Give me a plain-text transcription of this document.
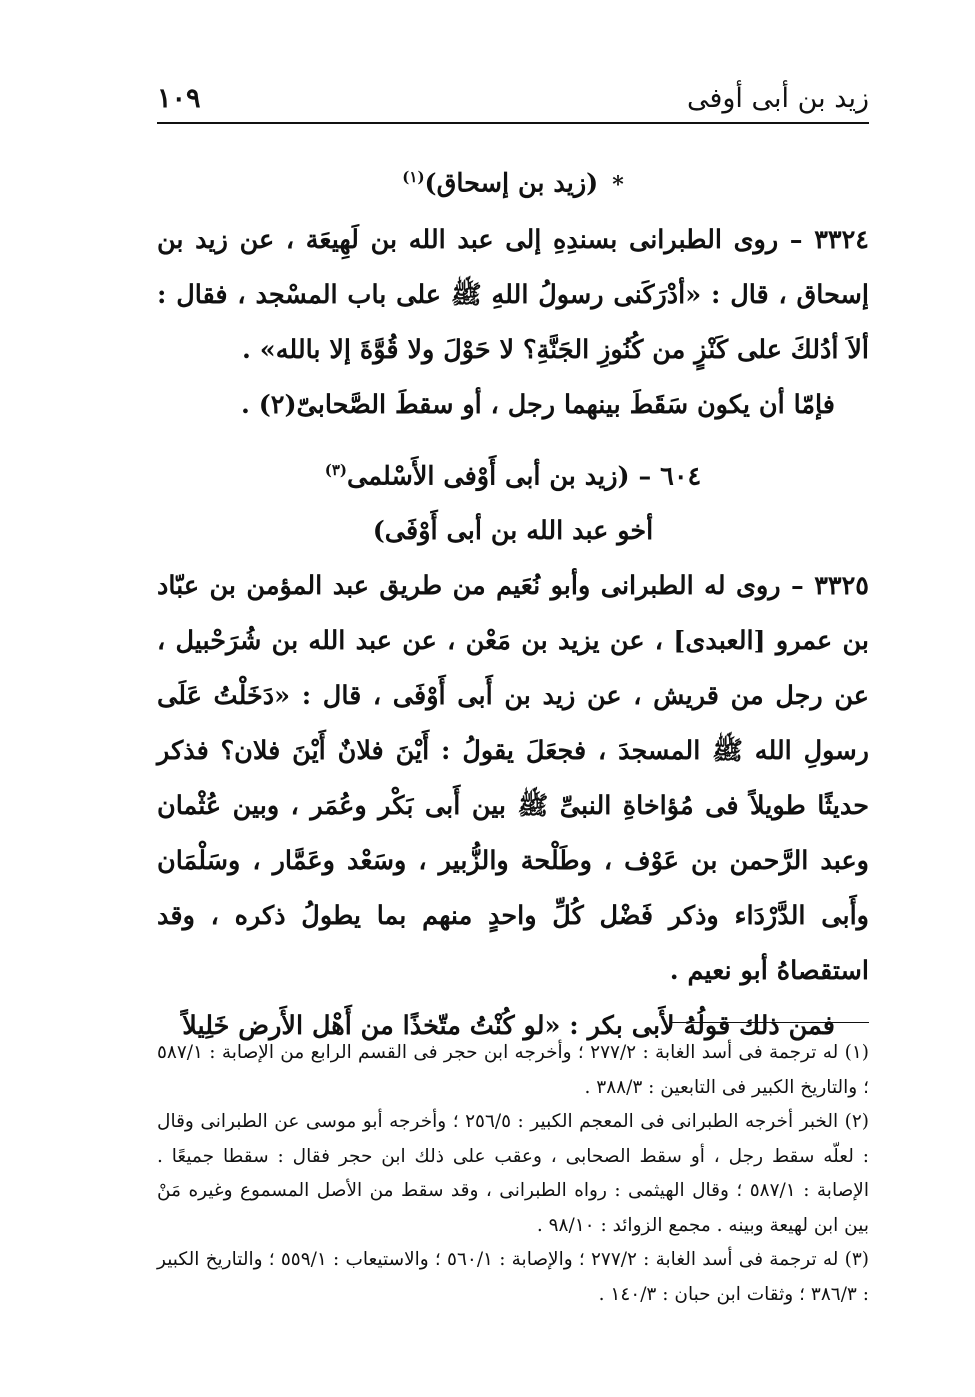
زيد بن أبى أوفى
١٠٩

*(زيد بن إسحاق)$^{(١)}$

٣٣٢٤ – روى الطبرانى بسندِهِ إلى عبد الله بن لَهِيعَة ، عن زيد بن إسحاق ، قال : «أدْرَكَنى رسولُ اللهِ ﷺ على باب المسْجد ، فقال : ألاَ أدُلكَ على كَنْزٍ من كُنُوزِ الجَنَّةِ؟ لا حَوْلَ ولا قُوَّةَ إلا بالله» .

فإمّا أن يكون سَقَطَ بينهما رجل ، أو سقطَ الصَّحابىّ(٢) .

٦٠٤ – (زيد بن أبى أَوْفى الأَسْلمى$^{(٣)}$

أخو عبد الله بن أبى أَوْفَى)

٣٣٢٥ – روى له الطبرانى وأبو نُعَيم من طريق عبد المؤمن بن عبّاد بن عمرو [العبدى] ، عن يزيد بن مَعْن ، عن عبد الله بن شُرَحْبيل ، عن رجل من قريش ، عن زيد بن أَبى أَوْفَى ، قال : «دَخَلْتُ عَلَى رسولِ الله ﷺ المسجدَ ، فجعَلَ يقولُ : أَيْنَ فلانٌ أَيْنَ فلان؟ فذكر حديثًا طويلاً فى مُؤاخاةِ النبىِّ ﷺ بين أَبى بَكْر وعُمَر ، وبين عُثْمان وعبد الرَّحمن بن عَوْف ، وطَلْحة والزُّبير ، وسَعْد وعَمَّار ، وسَلْمَان وأَبى الدَّرْدَاء وذكر فَضْل كُلِّ واحدٍ منهم بما يطولُ ذكره ، وقد استقصاهُ أبو نعيم .

فمن ذلك قولُهُ لأَبى بكر : «لو كُنْتُ متّخذًا من أَهْل الأَرض خَلِيلاً

(١) له ترجمة فى أسد الغابة : ٢٧٧/٢ ؛ وأخرجه ابن حجر فى القسم الرابع من الإصابة : ٥٨٧/١ ؛ والتاريخ الكبير فى التابعين : ٣٨٨/٣ .

(٢) الخبر أخرجه الطبرانى فى المعجم الكبير : ٢٥٦/٥ ؛ وأخرجه أبو موسى عن الطبرانى وقال : لعلّه سقط رجل ، أو سقط الصحابى ، وعقب على ذلك ابن حجر فقال : سقطا جميعًا . الإصابة : ٥٨٧/١ ؛ وقال الهيثمى : رواه الطبرانى ، وقد سقط من الأصل المسموع وغيره مَنْ بين ابن لهيعة وبينه . مجمع الزوائد : ٩٨/١٠ .

(٣) له ترجمة فى أسد الغابة : ٢٧٧/٢ ؛ والإصابة : ٥٦٠/١ ؛ والاستيعاب : ٥٥٩/١ ؛ والتاريخ الكبير : ٣٨٦/٣ ؛ وثقات ابن حبان : ١٤٠/٣ .
